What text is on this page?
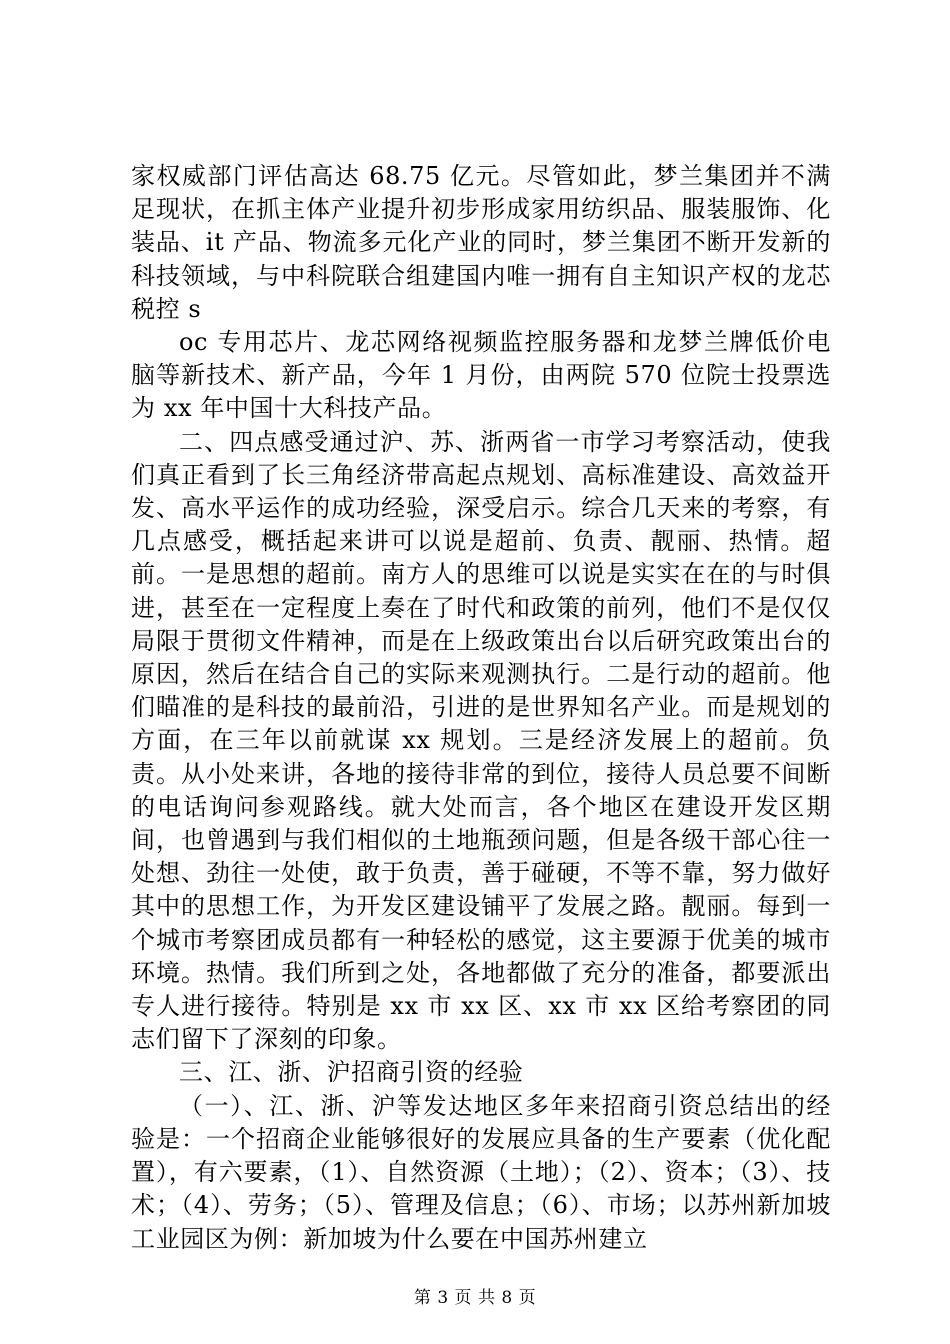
家权威部门评估高达 68.75 亿元。尽管如此，梦兰集团并不满足现状，在抓主体产业提升初步形成家用纺织品、服装服饰、化装品、it 产品、物流多元化产业的同时，梦兰集团不断开发新的科技领域，与中科院联合组建国内唯一拥有自主知识产权的龙芯税控 s

oc 专用芯片、龙芯网络视频监控服务器和龙梦兰牌低价电脑等新技术、新产品，今年 1 月份，由两院 570 位院士投票选为 xx 年中国十大科技产品。

二、四点感受通过沪、苏、浙两省一市学习考察活动，使我们真正看到了长三角经济带高起点规划、高标准建设、高效益开发、高水平运作的成功经验，深受启示。综合几天来的考察，有几点感受，概括起来讲可以说是超前、负责、靓丽、热情。超前。一是思想的超前。南方人的思维可以说是实实在在的与时俱进，甚至在一定程度上奏在了时代和政策的前列，他们不是仅仅局限于贯彻文件精神，而是在上级政策出台以后研究政策出台的原因，然后在结合自己的实际来观测执行。二是行动的超前。他们瞄准的是科技的最前沿，引进的是世界知名产业。而是规划的方面，在三年以前就谋 xx 规划。三是经济发展上的超前。负责。从小处来讲，各地的接待非常的到位，接待人员总要不间断的电话询问参观路线。就大处而言，各个地区在建设开发区期间，也曾遇到与我们相似的土地瓶颈问题，但是各级干部心往一处想、劲往一处使，敢于负责，善于碰硬，不等不靠，努力做好其中的思想工作，为开发区建设铺平了发展之路。靓丽。每到一个城市考察团成员都有一种轻松的感觉，这主要源于优美的城市环境。热情。我们所到之处，各地都做了充分的准备，都要派出专人进行接待。特别是 xx 市 xx 区、xx 市 xx 区给考察团的同志们留下了深刻的印象。

三、江、浙、沪招商引资的经验

（一）、江、浙、沪等发达地区多年来招商引资总结出的经验是：一个招商企业能够很好的发展应具备的生产要素（优化配置），有六要素，（1）、自然资源（土地）；（2）、资本；（3）、技术；（4）、劳务；（5）、管理及信息；（6）、市场；以苏州新加坡工业园区为例：新加坡为什么要在中国苏州建立

第 3 页 共 8 页
